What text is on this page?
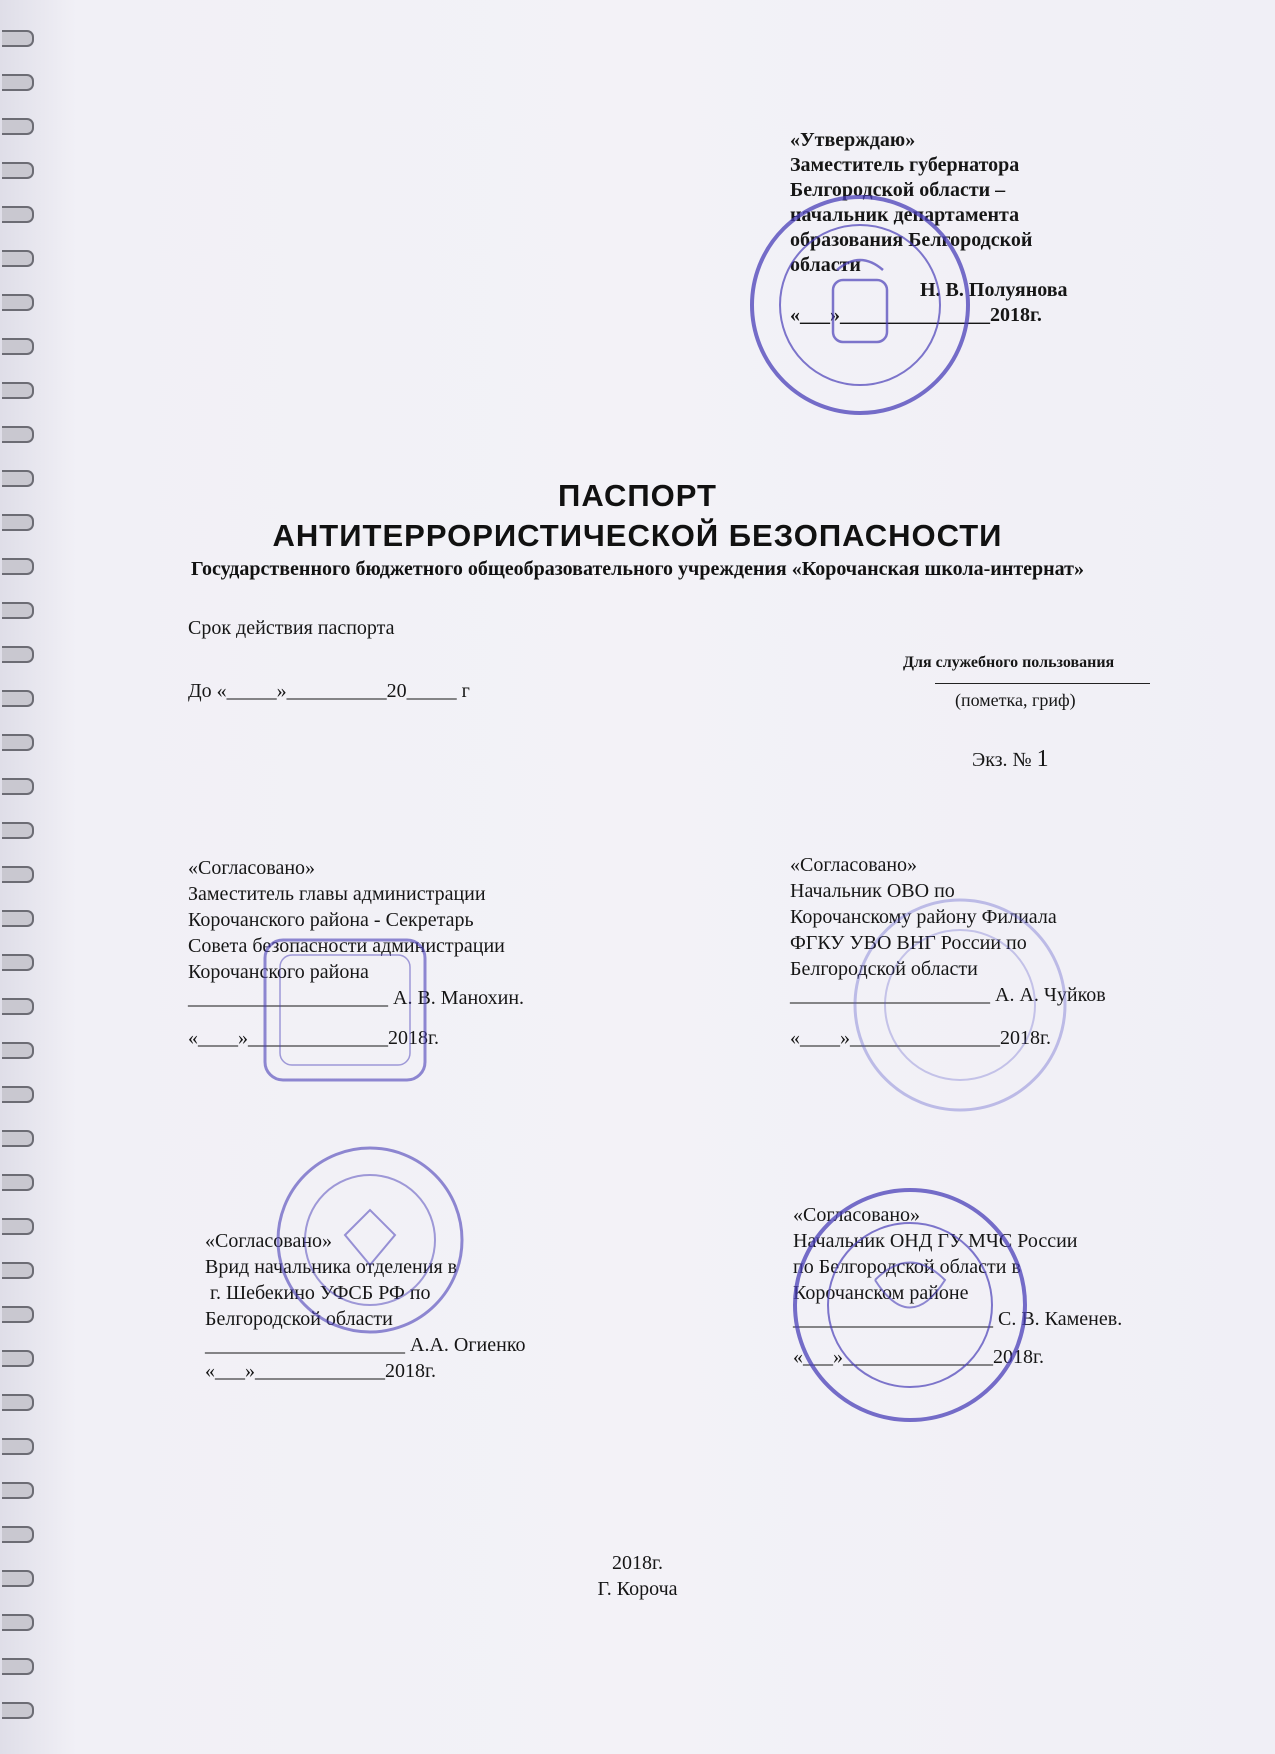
«Утверждаю»
Заместитель губернатора
Белгородской области –
начальник департамента
образования Белгородской
области
Н. В. Полуянова
«___»_______________2018г.
ПАСПОРТ
АНТИТЕРРОРИСТИЧЕСКОЙ БЕЗОПАСНОСТИ
Государственного бюджетного общеобразовательного учреждения «Корочанская школа-интернат»
Срок действия паспорта
До «_____»__________20_____ г
Для служебного пользования
(пометка, гриф)
Экз. № 1
«Согласовано»
Заместитель главы администрации
Корочанского района - Секретарь
Совета безопасности администрации
Корочанского района
____________________ А. В. Манохин.
«____»______________2018г.
«Согласовано»
Начальник ОВО по
Корочанскому району Филиала
ФГКУ УВО ВНГ России по
Белгородской области
____________________ А. А. Чуйков
«____»_______________2018г.
«Согласовано»
Врид начальника отделения в
г. Шебекино УФСБ РФ по
Белгородской области
____________________ А.А. Огиенко
«___»_____________2018г.
«Согласовано»
Начальник ОНД ГУ МЧС России
по Белгородской области в
Корочанском районе
____________________ С. В. Каменев.
«___»_______________2018г.
2018г.
Г. Короча
